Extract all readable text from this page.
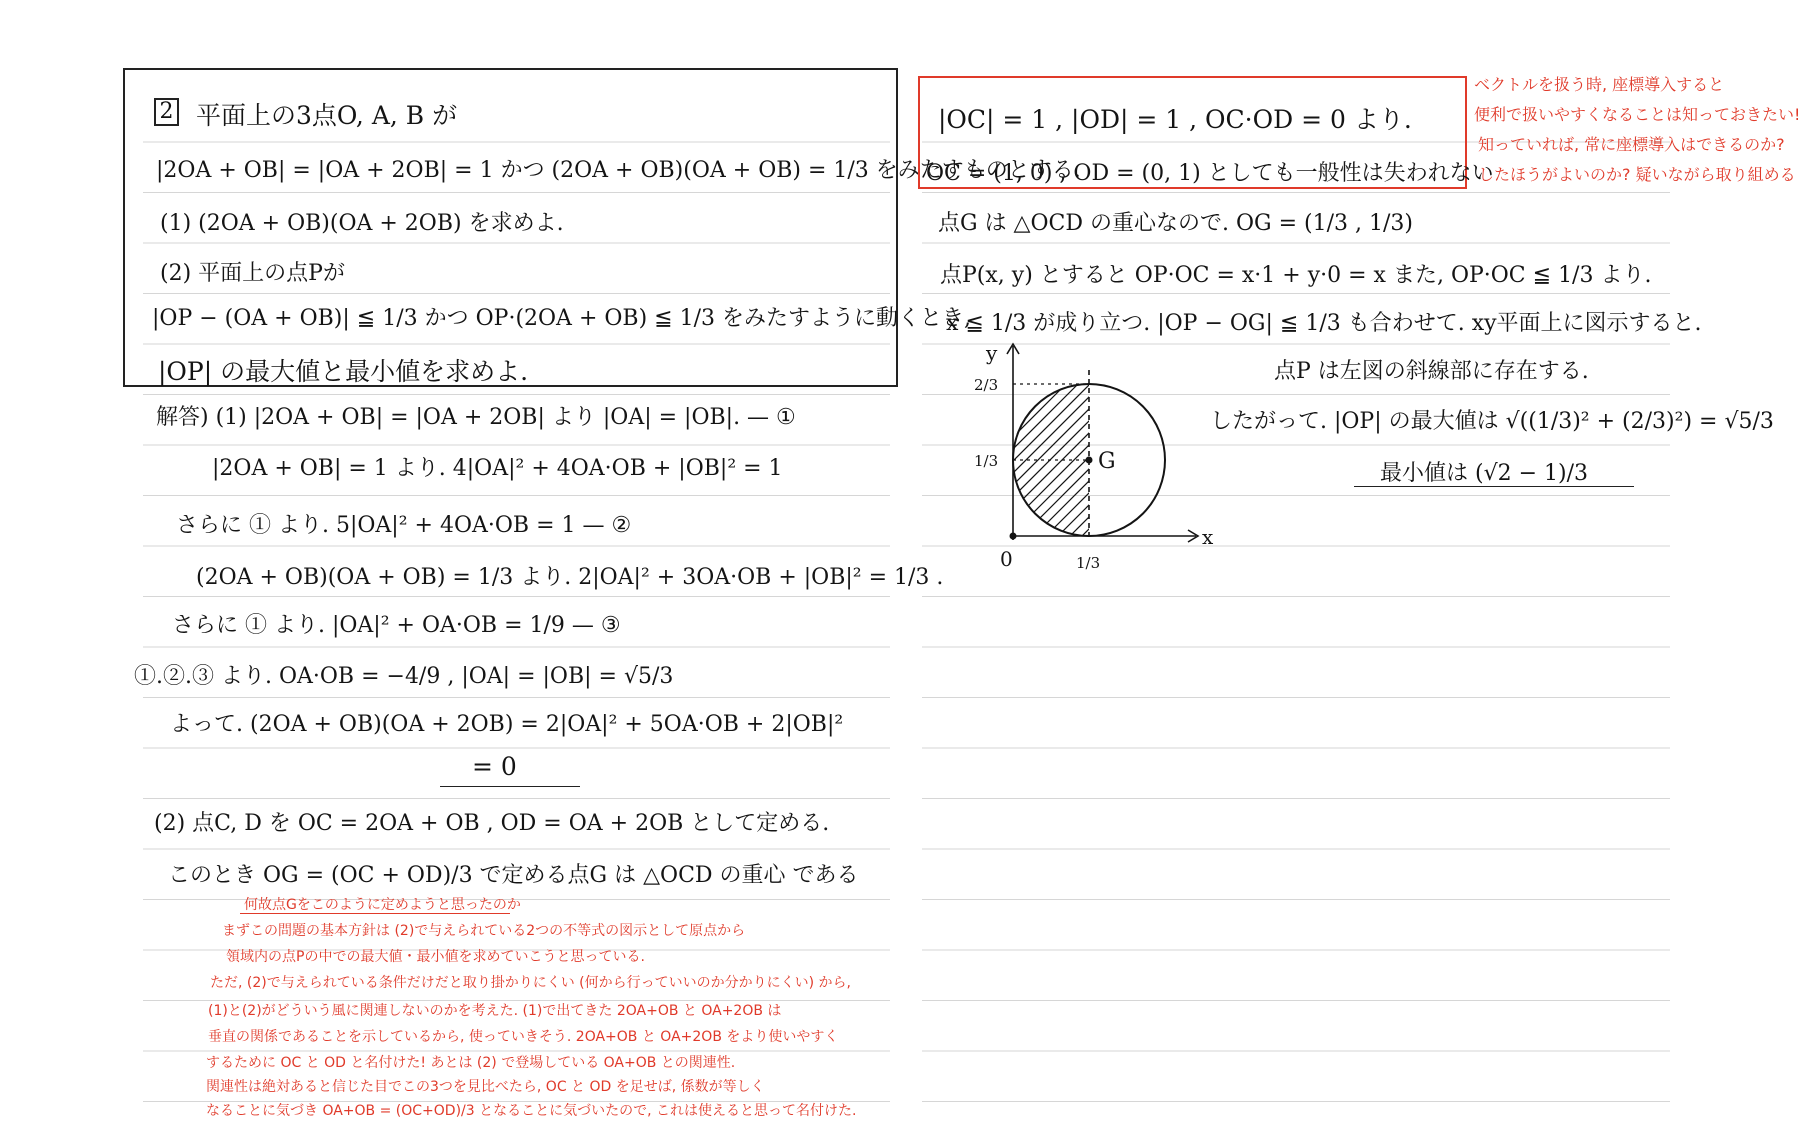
2 平面上の3点O, A, B が
|2OA + OB| = |OA + 2OB| = 1 かつ (2OA + OB)(OA + OB) = 1/3 をみたすものとする.
(1) (2OA + OB)(OA + 2OB) を求めよ.
(2) 平面上の点Pが
|OP − (OA + OB)| ≦ 1/3 かつ OP·(2OA + OB) ≦ 1/3 をみたすように動くとき,
|OP| の最大値と最小値を求めよ.
解答) (1) |2OA + OB| = |OA + 2OB| より |OA| = |OB|. — ①
|2OA + OB| = 1 より. 4|OA|² + 4OA·OB + |OB|² = 1
さらに ① より. 5|OA|² + 4OA·OB = 1 — ②
(2OA + OB)(OA + OB) = 1/3 より. 2|OA|² + 3OA·OB + |OB|² = 1/3 .
さらに ① より. |OA|² + OA·OB = 1/9 — ③
①.②.③ より. OA·OB = −4/9 , |OA| = |OB| = √5/3
よって. (2OA + OB)(OA + 2OB) = 2|OA|² + 5OA·OB + 2|OB|²
= 0
(2) 点C, D を OC = 2OA + OB , OD = OA + 2OB として定める.
このとき OG = (OC + OD)/3 で定める点G は △OCD の重心 である
何故点Gをこのように定めようと思ったのか
まずこの問題の基本方針は (2)で与えられている2つの不等式の図示として原点から
領域内の点Pの中での最大値・最小値を求めていこうと思っている.
ただ, (2)で与えられている条件だけだと取り掛かりにくい (何から行っていいのか分かりにくい) から,
(1)と(2)がどういう風に関連しないのかを考えた. (1)で出てきた 2OA+OB と OA+2OB は
垂直の関係であることを示しているから, 使っていきそう. 2OA+OB と OA+2OB をより使いやすく
するために OC と OD と名付けた! あとは (2) で登場している OA+OB との関連性.
関連性は絶対あると信じた目でこの3つを見比べたら, OC と OD を足せば, 係数が等しく
なることに気づき OA+OB = (OC+OD)/3 となることに気づいたので, これは使えると思って名付けた.
|OC| = 1 , |OD| = 1 , OC·OD = 0 より.
OC = (1, 0) , OD = (0, 1) としても一般性は失われない
点G は △OCD の重心なので. OG = (1/3 , 1/3)
点P(x, y) とすると OP·OC = x·1 + y·0 = x また, OP·OC ≦ 1/3 より.
x ≦ 1/3 が成り立つ. |OP − OG| ≦ 1/3 も合わせて. xy平面上に図示すると.
点P は左図の斜線部に存在する.
したがって. |OP| の最大値は √((1/3)² + (2/3)²) = √5/3
最小値は (√2 − 1)/3
ベクトルを扱う時, 座標導入すると
便利で扱いやすくなることは知っておきたい!
知っていれば, 常に座標導入はできるのか?
したほうがよいのか? 疑いながら取り組める
G
x
y
0	1/3
2/3
1/3
